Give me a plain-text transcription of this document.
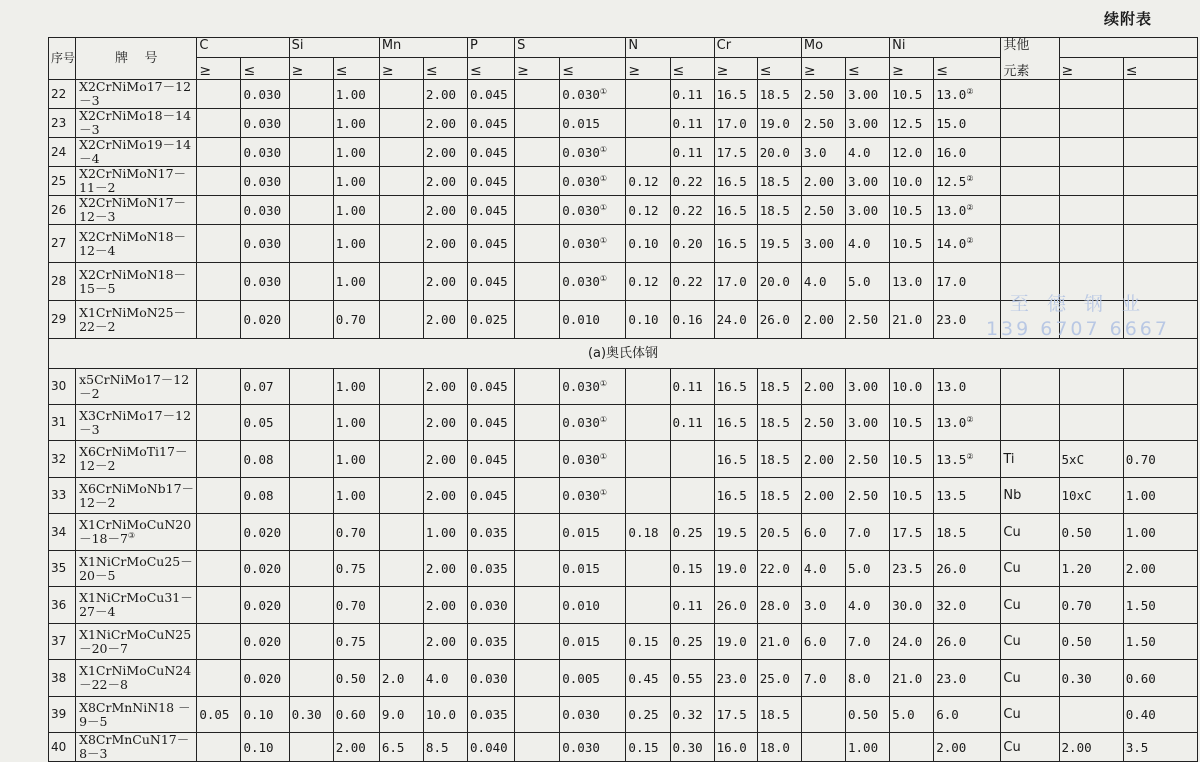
续附表
序号	牌    号	C		Si		Mn		P	S		N		Cr		Mo		Ni		其他		
		≥	≤	≥	≤	≥	≤	≤	≥	≤	≥	≤	≥	≤	≥	≤	≥	≤	元素	≥	≤
22	X2CrNiMo17－12－3		0.030		1.00		2.00	0.045		0.030①		0.11	16.5	18.5	2.50	3.00	10.5	13.0②			
23	X2CrNiMo18－14－3		0.030		1.00		2.00	0.045		0.015		0.11	17.0	19.0	2.50	3.00	12.5	15.0			
24	X2CrNiMo19－14－4		0.030		1.00		2.00	0.045		0.030①		0.11	17.5	20.0	3.0	4.0	12.0	16.0			
25	X2CrNiMoN17－11－2		0.030		1.00		2.00	0.045		0.030①	0.12	0.22	16.5	18.5	2.00	3.00	10.0	12.5②			
26	X2CrNiMoN17－12－3		0.030		1.00		2.00	0.045		0.030①	0.12	0.22	16.5	18.5	2.50	3.00	10.5	13.0②			
27	X2CrNiMoN18－12－4		0.030		1.00		2.00	0.045		0.030①	0.10	0.20	16.5	19.5	3.00	4.0	10.5	14.0②			
28	X2CrNiMoN18－15－5		0.030		1.00		2.00	0.045		0.030①	0.12	0.22	17.0	20.0	4.0	5.0	13.0	17.0			
29	X1CrNiMoN25－22－2		0.020		0.70		2.00	0.025		0.010	0.10	0.16	24.0	26.0	2.00	2.50	21.0	23.0			
(a)奥氏体钢																					
30	x5CrNiMo17－12－2		0.07		1.00		2.00	0.045		0.030①		0.11	16.5	18.5	2.00	3.00	10.0	13.0			
31	X3CrNiMo17－12－3		0.05		1.00		2.00	0.045		0.030①		0.11	16.5	18.5	2.50	3.00	10.5	13.0②			
32	X6CrNiMoTi17－12－2		0.08		1.00		2.00	0.045		0.030①			16.5	18.5	2.00	2.50	10.5	13.5②	Ti	5xC	0.70
33	X6CrNiMoNb17－12－2		0.08		1.00		2.00	0.045		0.030①			16.5	18.5	2.00	2.50	10.5	13.5	Nb	10xC	1.00
34	X1CrNiMoCuN20－18－7③		0.020		0.70		1.00	0.035		0.015	0.18	0.25	19.5	20.5	6.0	7.0	17.5	18.5	Cu	0.50	1.00
35	X1NiCrMoCu25－20－5		0.020		0.75		2.00	0.035		0.015		0.15	19.0	22.0	4.0	5.0	23.5	26.0	Cu	1.20	2.00
36	X1NiCrMoCu31－27－4		0.020		0.70		2.00	0.030		0.010		0.11	26.0	28.0	3.0	4.0	30.0	32.0	Cu	0.70	1.50
37	X1NiCrMoCuN25－20－7		0.020		0.75		2.00	0.035		0.015	0.15	0.25	19.0	21.0	6.0	7.0	24.0	26.0	Cu	0.50	1.50
38	X1CrNiMoCuN24－22－8		0.020		0.50	2.0	4.0	0.030		0.005	0.45	0.55	23.0	25.0	7.0	8.0	21.0	23.0	Cu	0.30	0.60
39	X8CrMnNiN18 －9－5	0.05	0.10	0.30	0.60	9.0	10.0	0.035		0.030	0.25	0.32	17.5	18.5		0.50	5.0	6.0	Cu		0.40
40	X8CrMnCuN17－8－3		0.10		2.00	6.5	8.5	0.040		0.030	0.15	0.30	16.0	18.0		1.00		2.00	Cu	2.00	3.5
至 德 钢 业
139 6707 6667
